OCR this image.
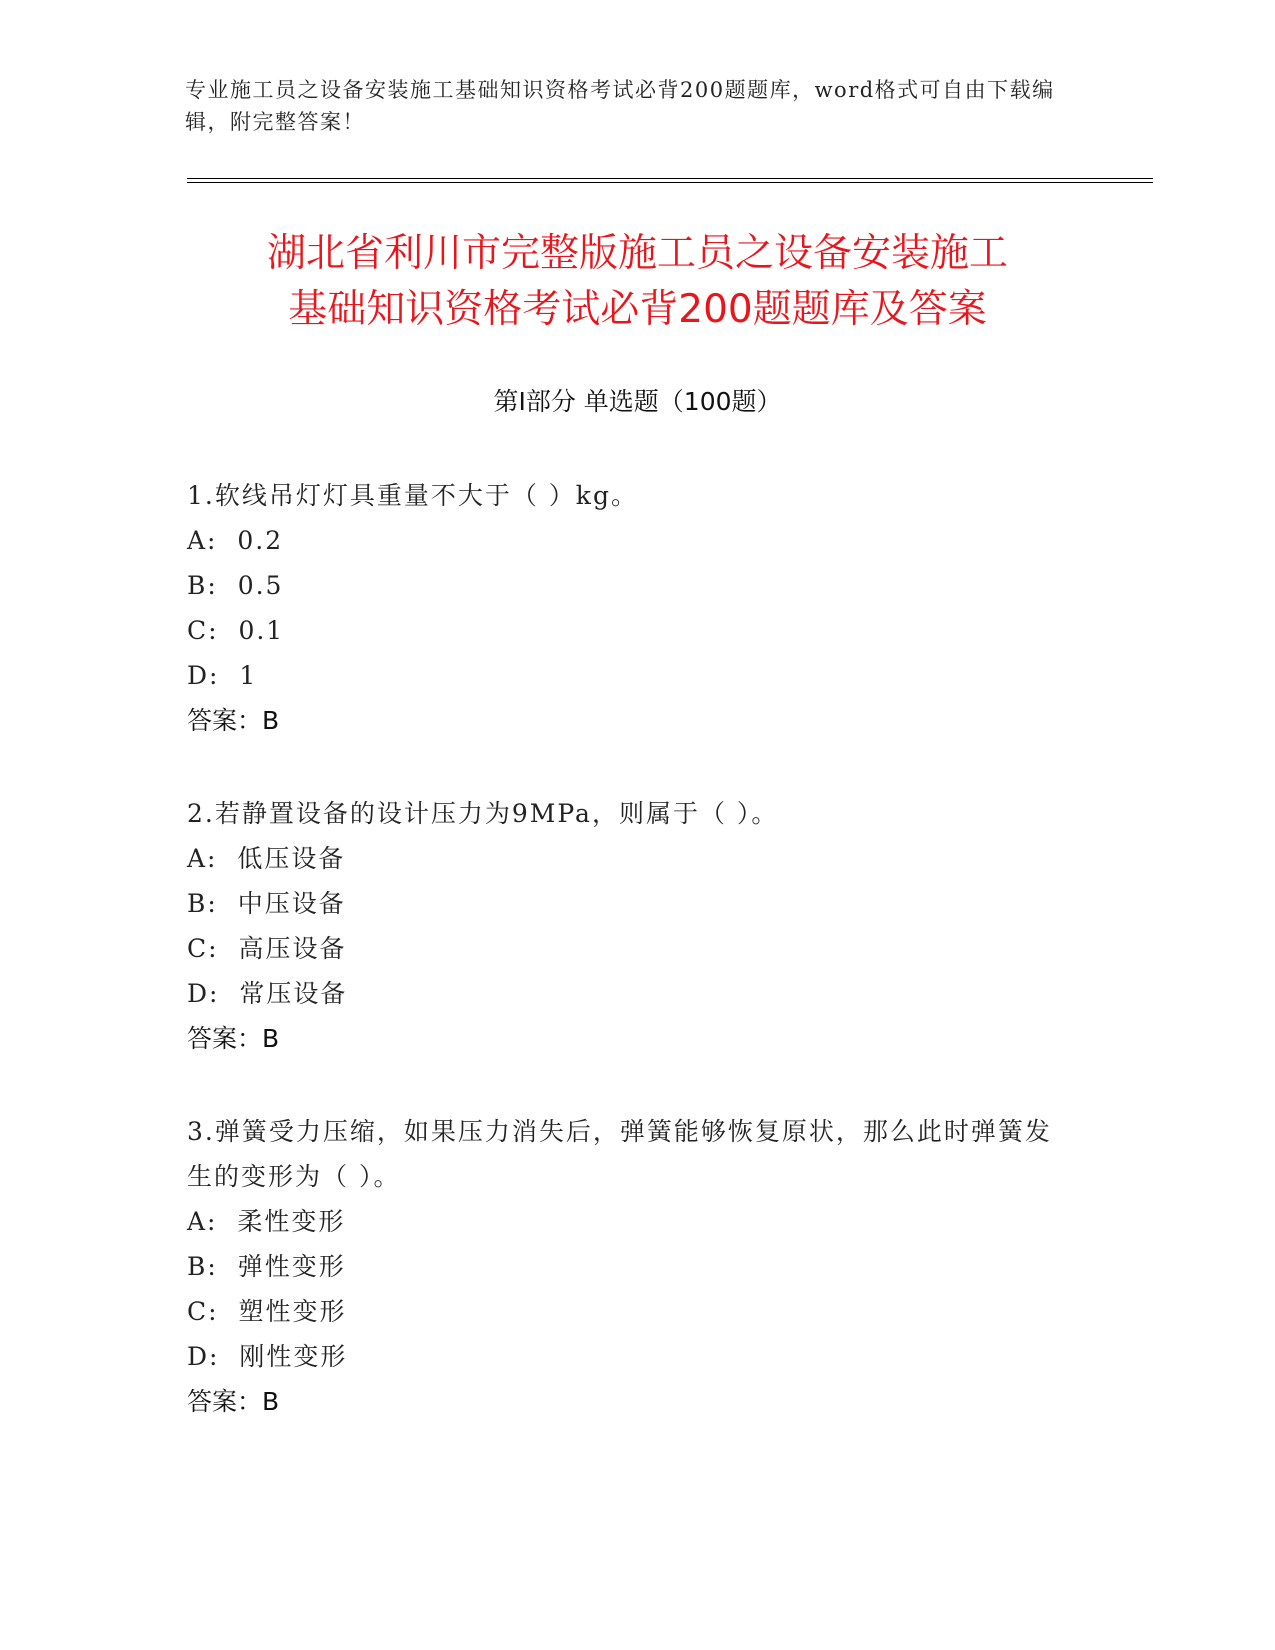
专业施工员之设备安装施工基础知识资格考试必背200题题库，word格式可自由下载编辑，附完整答案！
湖北省利川市完整版施工员之设备安装施工
基础知识资格考试必背200题题库及答案
第Ⅰ部分 单选题（100题）
1.软线吊灯灯具重量不大于（ ）kg。
A:  0.2
B:  0.5
C:  0.1
D:  1
答案：B
2.若静置设备的设计压力为9MPa，则属于（ ）。
A:  低压设备
B:  中压设备
C:  高压设备
D:  常压设备
答案：B
3.弹簧受力压缩，如果压力消失后，弹簧能够恢复原状，那么此时弹簧发生的变形为（ ）。
A:  柔性变形
B:  弹性变形
C:  塑性变形
D:  刚性变形
答案：B
